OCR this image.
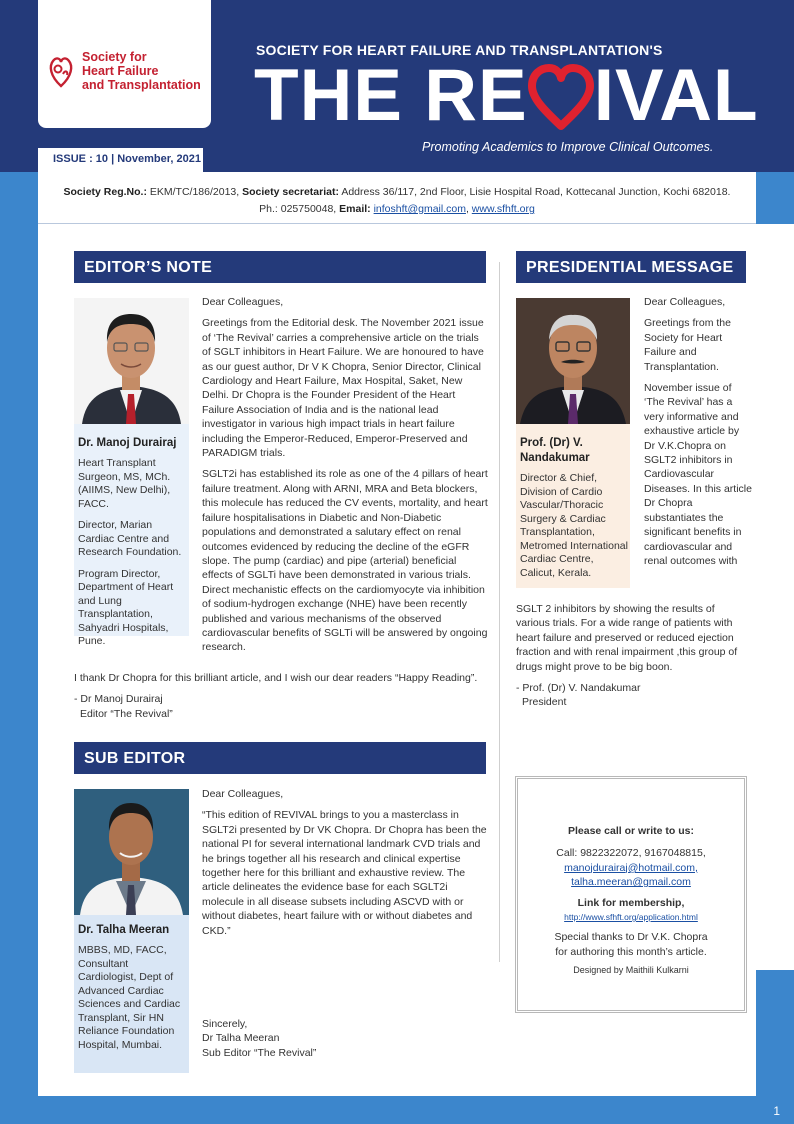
1
Society for
Heart Failure
and Transplantation
SOCIETY FOR HEART FAILURE AND TRANSPLANTATION'S
THE RE IVAL
Promoting Academics to Improve Clinical Outcomes.
ISSUE : 10 | November, 2021
Society Reg.No.: EKM/TC/186/2013, Society secretariat: Address 36/117, 2nd Floor, Lisie Hospital Road, Kottecanal Junction, Kochi 682018.
Ph.: 025750048, Email: infoshft@gmail.com, www.sfhft.org
EDITOR’S NOTE
Dr. Manoj Durairaj

Heart Transplant Surgeon, MS, MCh. (AIIMS, New Delhi), FACC.

Director, Marian Cardiac Centre and Research Foundation.

Program Director, Department of Heart and Lung Transplantation, Sahyadri Hospitals, Pune.

Dear Colleagues,

Greetings from the Editorial desk. The November 2021 issue of ‘The Revival’ carries a comprehensive article on the trials of SGLT inhibitors in Heart Failure. We are honoured to have as our guest author, Dr V K Chopra, Senior Director, Clinical Cardiology and Heart Failure, Max Hospital, Saket, New Delhi. Dr Chopra is the Founder President of the Heart Failure Association of India and is the national lead investigator in various high impact trials in heart failure including the Emperor-Reduced, Emperor-Preserved and PARADIGM trials.

SGLT2i has established its role as one of the 4 pillars of heart failure treatment. Along with ARNI, MRA and Beta blockers, this molecule has reduced the CV events, mortality, and heart failure hospitalisations in Diabetic and Non-Diabetic populations and demonstrated a salutary effect on renal outcomes evidenced by reducing the decline of the eGFR slope. The pump (cardiac) and pipe (arterial) beneficial effects of SGLTi have been demonstrated in various trials. Direct mechanistic effects on the cardiomyocyte via inhibition of sodium-hydrogen exchange (NHE) have been recently published and various mechanisms of the observed cardiovascular benefits of SGLTi will be answered by ongoing research.

I thank Dr Chopra for this brilliant article, and I wish our dear readers “Happy Reading”.

- Dr Manoj Durairaj
Editor “The Revival”
PRESIDENTIAL MESSAGE
Prof. (Dr) V. Nandakumar
Director & Chief, Division of Cardio Vascular/Thoracic Surgery & Cardiac Transplantation, Metromed International Cardiac Centre, Calicut, Kerala.

Dear Colleagues,

Greetings from the Society for Heart Failure and Transplantation.

November issue of ‘The Revival’ has a very informative and exhaustive article by Dr V.K.Chopra on SGLT2 inhibitors in Cardiovascular Diseases. In this article Dr Chopra substantiates the significant benefits in cardiovascular and renal outcomes with

SGLT 2 inhibitors by showing the results of various trials. For a wide range of patients with heart failure and preserved or reduced ejection fraction and with renal impairment ,this group of drugs might prove to be big boon.

- Prof. (Dr) V. Nandakumar
President
SUB EDITOR
Dr. Talha Meeran
MBBS, MD, FACC, Consultant Cardiologist, Dept of Advanced Cardiac Sciences and Cardiac Transplant, Sir HN Reliance Foundation Hospital, Mumbai.

Dear Colleagues,

“This edition of REVIVAL brings to you a masterclass in SGLT2i presented by Dr VK Chopra. Dr Chopra has been the national PI for several international landmark CVD trials and he brings together all his research and clinical expertise together here for this brilliant and exhaustive review. The article delineates the evidence base for each SGLT2i molecule in all disease subsets including ASCVD with or without diabetes, heart failure with or without diabetes and CKD.”

Sincerely,
Dr Talha Meeran
Sub Editor “The Revival”
Please call or write to us:
Call: 9822322072, 9167048815,
manojdurairaj@hotmail.com,
talha.meeran@gmail.com
Link for membership,
http://www.sfhft.org/application.html
Special thanks to Dr V.K. Chopra
for authoring this month’s article.
Designed by Maithili Kulkarni
